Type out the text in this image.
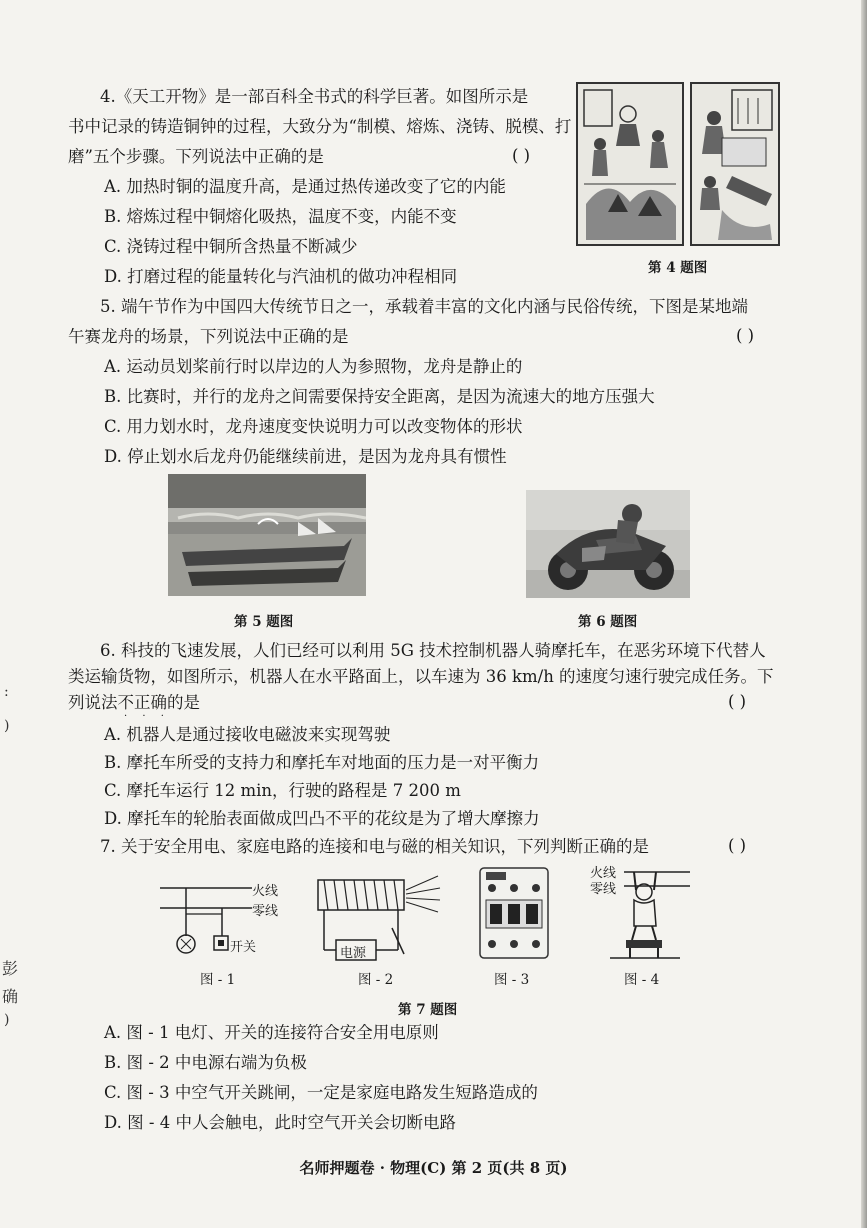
4.《天工开物》是一部百科全书式的科学巨著。如图所示是
书中记录的铸造铜钟的过程，大致分为“制模、熔炼、浇铸、脱模、打
磨”五个步骤。下列说法中正确的是	( )
A. 加热时铜的温度升高，是通过热传递改变了它的内能
B. 熔炼过程中铜熔化吸热，温度不变，内能不变
C. 浇铸过程中铜所含热量不断减少
D. 打磨过程的能量转化与汽油机的做功冲程相同	第 4 题图
5. 端午节作为中国四大传统节日之一，承载着丰富的文化内涵与民俗传统，下图是某地端
午赛龙舟的场景，下列说法中正确的是	( )
A. 运动员划桨前行时以岸边的人为参照物，龙舟是静止的
B. 比赛时，并行的龙舟之间需要保持安全距离，是因为流速大的地方压强大
C. 用力划水时，龙舟速度变快说明力可以改变物体的形状
D. 停止划水后龙舟仍能继续前进，是因为龙舟具有惯性
第 5 题图	第 6 题图
6. 科技的飞速发展，人们已经可以利用 5G 技术控制机器人骑摩托车，在恶劣环境下代替人
类运输货物，如图所示，机器人在水平路面上，以车速为 36 km/h 的速度匀速行驶完成任务。下
列说法不正确的是
· · ·
( )
A. 机器人是通过接收电磁波来实现驾驶
B. 摩托车所受的支持力和摩托车对地面的压力是一对平衡力
C. 摩托车运行 12 min，行驶的路程是 7 200 m
D. 摩托车的轮胎表面做成凹凸不平的花纹是为了增大摩擦力
7. 关于安全用电、家庭电路的连接和电与磁的相关知识，下列判断正确的是	( )
火线
零线
开关
图 - 1
电源
图 - 2	图 - 3
火线
零线
图 - 4
第 7 题图
A. 图 - 1 电灯、开关的连接符合安全用电原则
B. 图 - 2 中电源右端为负极
C. 图 - 3 中空气开关跳闸，一定是家庭电路发生短路造成的
D. 图 - 4 中人会触电，此时空气开关会切断电路
:
)
彭
确
)
名师押题卷 · 物理(C) 第 2 页(共 8 页)
